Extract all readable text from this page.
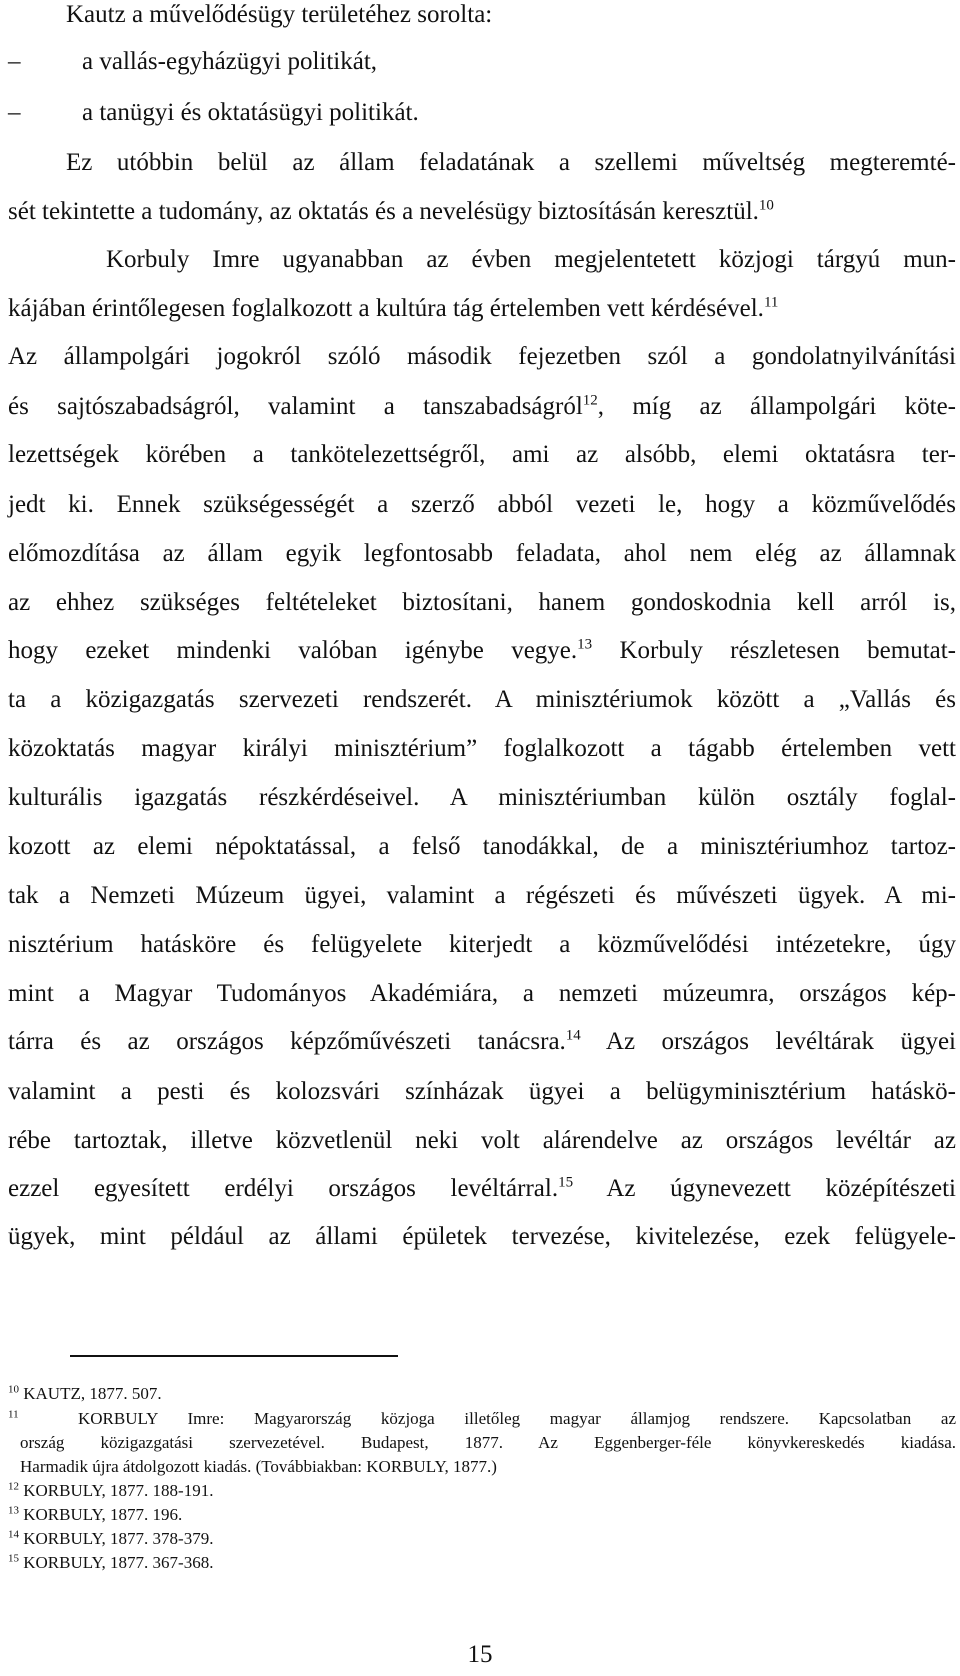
Kautz a művelődésügy területéhez sorolta:

– a vallás-egyházügyi politikát,

– a tanügyi és oktatásügyi politikát.

Ez utóbbin belül az állam feladatának a szellemi műveltség megteremté-

sét tekintette a tudomány, az oktatás és a nevelésügy biztosításán keresztül.$^{10}$

Korbuly Imre ugyanabban az évben megjelentetett közjogi tárgyú mun-

kájában érintőlegesen foglalkozott a kultúra tág értelemben vett kérdésével.$^{11}$

Az állampolgári jogokról szóló második fejezetben szól a gondolatnyilvánítási

és sajtószabadságról, valamint a tanszabadságról$^{12}$, míg az állampolgári köte-

lezettségek körében a tankötelezettségről, ami az alsóbb, elemi oktatásra ter-

jedt ki. Ennek szükségességét a szerző abból vezeti le, hogy a közművelődés

előmozdítása az állam egyik legfontosabb feladata, ahol nem elég az államnak

az ehhez szükséges feltételeket biztosítani, hanem gondoskodnia kell arról is,

hogy ezeket mindenki valóban igénybe vegye.$^{13}$ Korbuly részletesen bemutat-

ta a közigazgatás szervezeti rendszerét. A minisztériumok között a „Vallás és

közoktatás magyar királyi minisztérium” foglalkozott a tágabb értelemben vett

kulturális igazgatás részkérdéseivel. A minisztériumban külön osztály foglal-

kozott az elemi népoktatással, a felső tanodákkal, de a minisztériumhoz tartoz-

tak a Nemzeti Múzeum ügyei, valamint a régészeti és művészeti ügyek. A mi-

nisztérium hatásköre és felügyelete kiterjedt a közművelődési intézetekre, úgy

mint a Magyar Tudományos Akadémiára, a nemzeti múzeumra, országos kép-

tárra és az országos képzőművészeti tanácsra.$^{14}$ Az országos levéltárak ügyei

valamint a pesti és kolozsvári színházak ügyei a belügyminisztérium hatáskö-

rébe tartoztak, illetve közvetlenül neki volt alárendelve az országos levéltár az

ezzel egyesített erdélyi országos levéltárral.$^{15}$ Az úgynevezett középítészeti

ügyek, mint például az állami épületek tervezése, kivitelezése, ezek felügyele-

$^{10}$ KAUTZ, 1877. 507.
$^{11}$	KORBULY Imre: Magyarország közjoga illetőleg magyar államjog rendszere. Kapcsolatban az
ország közigazgatási szervezetével. Budapest, 1877. Az Eggenberger-féle könyvkereskedés kiadása.
Harmadik újra átdolgozott kiadás. (Továbbiakban: KORBULY, 1877.)
$^{12}$ KORBULY, 1877. 188-191.
$^{13}$ KORBULY, 1877. 196.
$^{14}$ KORBULY, 1877. 378-379.
$^{15}$ KORBULY, 1877. 367-368.
15
